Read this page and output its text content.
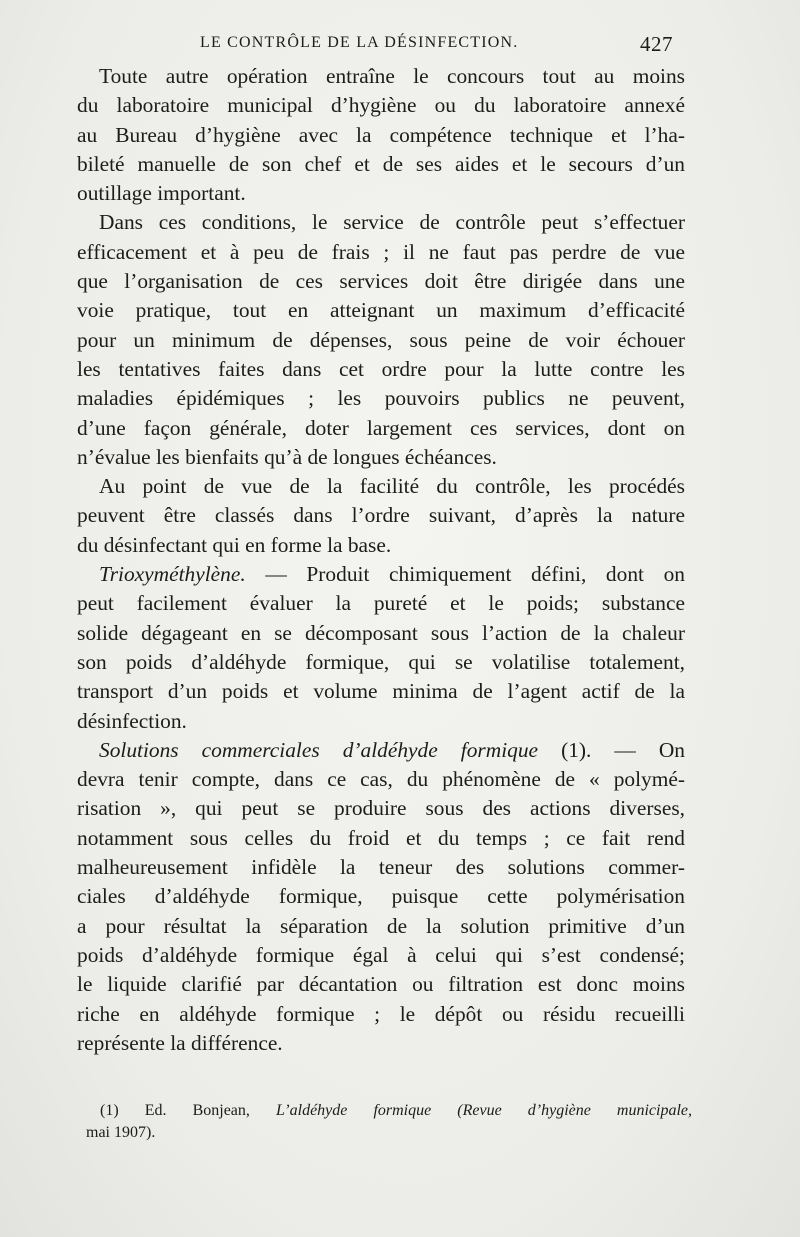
LE CONTRÔLE DE LA DÉSINFECTION.	427
Toute autre opération entraîne le concours tout au moins
du laboratoire municipal d’hygiène ou du laboratoire annexé
au Bureau d’hygiène avec la compétence technique et l’ha-
bileté manuelle de son chef et de ses aides et le secours d’un
outillage important.
Dans ces conditions, le service de contrôle peut s’effectuer
efficacement et à peu de frais ; il ne faut pas perdre de vue
que l’organisation de ces services doit être dirigée dans une
voie pratique, tout en atteignant un maximum d’efficacité
pour un minimum de dépenses, sous peine de voir échouer
les tentatives faites dans cet ordre pour la lutte contre les
maladies épidémiques ; les pouvoirs publics ne peuvent,
d’une façon générale, doter largement ces services, dont on
n’évalue les bienfaits qu’à de longues échéances.
Au point de vue de la facilité du contrôle, les procédés
peuvent être classés dans l’ordre suivant, d’après la nature
du désinfectant qui en forme la base.
Trioxyméthylène. — Produit chimiquement défini, dont on
peut facilement évaluer la pureté et le poids; substance
solide dégageant en se décomposant sous l’action de la chaleur
son poids d’aldéhyde formique, qui se volatilise totalement,
transport d’un poids et volume minima de l’agent actif de la
désinfection.
Solutions commerciales d’aldéhyde formique (1). — On
devra tenir compte, dans ce cas, du phénomène de « polymé-
risation », qui peut se produire sous des actions diverses,
notamment sous celles du froid et du temps ; ce fait rend
malheureusement infidèle la teneur des solutions commer-
ciales d’aldéhyde formique, puisque cette polymérisation
a pour résultat la séparation de la solution primitive d’un
poids d’aldéhyde formique égal à celui qui s’est condensé;
le liquide clarifié par décantation ou filtration est donc moins
riche en aldéhyde formique ; le dépôt ou résidu recueilli
représente la différence.
(1) Ed. Bonjean, L’aldéhyde formique (Revue d’hygiène municipale,
mai 1907).
